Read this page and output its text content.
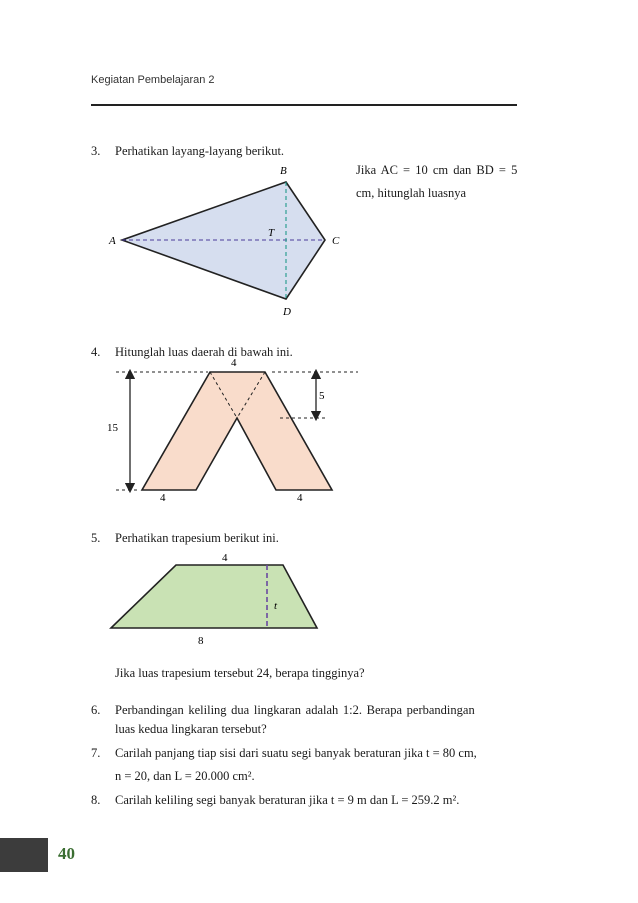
Kegiatan Pembelajaran 2
3.	Perhatikan layang-layang berikut.
Jika AC = 10 cm dan BD = 5
cm, hitunglah luasnya
B
A	C
T
D
4.	Hitunglah luas daerah di bawah ini.
4
5
15
4	4
5.	Perhatikan trapesium berikut ini.
4
t
8
Jika luas trapesium tersebut 24, berapa tingginya?
6.	Perbandingan keliling dua lingkaran adalah 1:2. Berapa perbandingan
luas kedua lingkaran tersebut?
7.	Carilah panjang tiap sisi dari suatu segi banyak beraturan jika t = 80 cm,
n = 20, dan L = 20.000 cm².
8.	Carilah keliling segi banyak beraturan jika t = 9 m dan L = 259.2 m².
40
